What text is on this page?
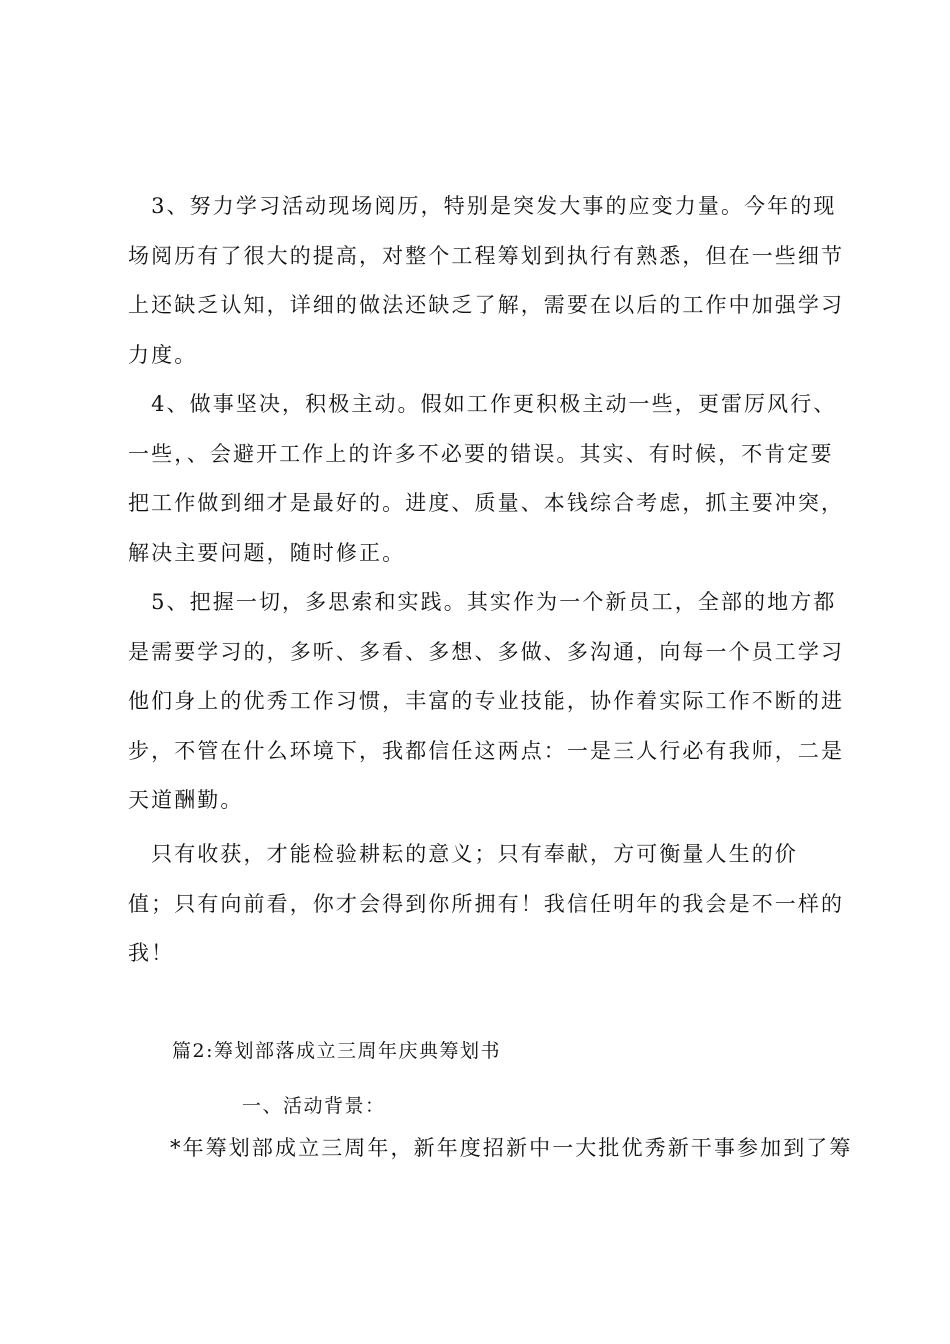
　3、努力学习活动现场阅历，特别是突发大事的应变力量。今年的现
场阅历有了很大的提高，对整个工程筹划到执行有熟悉，但在一些细节
上还缺乏认知，详细的做法还缺乏了解，需要在以后的工作中加强学习
力度。
　4、做事坚决，积极主动。假如工作更积极主动一些，更雷厉风行、
一些，、会避开工作上的许多不必要的错误。其实、有时候，不肯定要
把工作做到细才是最好的。进度、质量、本钱综合考虑，抓主要冲突，
解决主要问题，随时修正。
　5、把握一切，多思索和实践。其实作为一个新员工，全部的地方都
是需要学习的，多听、多看、多想、多做、多沟通，向每一个员工学习
他们身上的优秀工作习惯，丰富的专业技能，协作着实际工作不断的进
步，不管在什么环境下，我都信任这两点：一是三人行必有我师，二是
天道酬勤。
　只有收获，才能检验耕耘的意义；只有奉献，方可衡量人生的价
值；只有向前看，你才会得到你所拥有！我信任明年的我会是不一样的
我！

篇2:筹划部落成立三周年庆典筹划书

一、活动背景：

*年筹划部成立三周年，新年度招新中一大批优秀新干事参加到了筹
